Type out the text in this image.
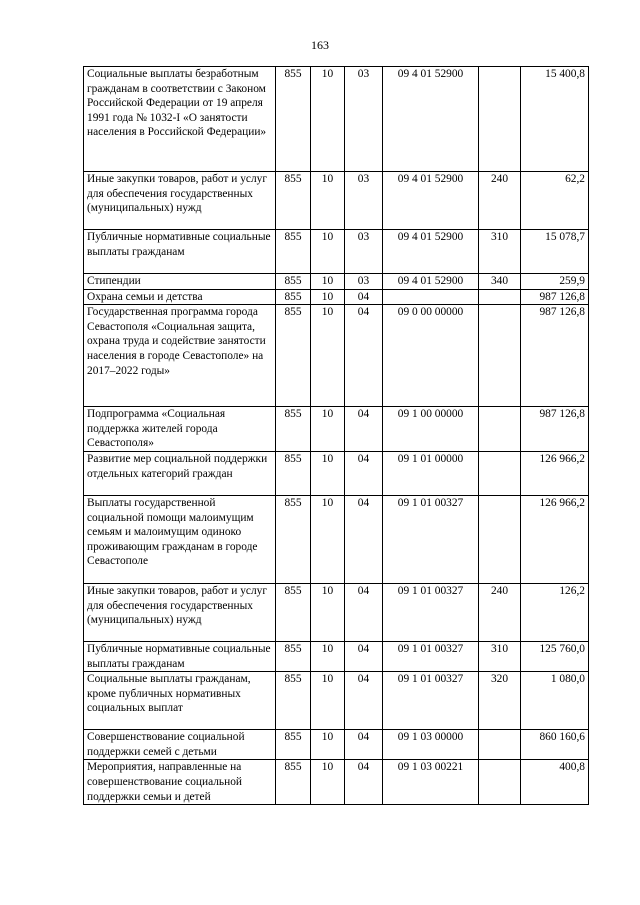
163
Социальные выплаты безработным гражданам в соответствии с Законом Российской Федерации от 19 апреля 1991 года № 1032-I «О занятости населения в Российской Федерации»	855	10	03	09 4 01 52900		15 400,8
Иные закупки товаров, работ и услуг для обеспечения государственных (муниципальных) нужд	855	10	03	09 4 01 52900	240	62,2
Публичные нормативные социальные выплаты гражданам	855	10	03	09 4 01 52900	310	15 078,7
Стипендии	855	10	03	09 4 01 52900	340	259,9
Охрана семьи и детства	855	10	04			987 126,8
Государственная программа города Севастополя «Социальная защита, охрана труда и содействие занятости населения в городе Севастополе» на 2017–2022 годы»	855	10	04	09 0 00 00000		987 126,8
Подпрограмма «Социальная поддержка жителей города Севастополя»	855	10	04	09 1 00 00000		987 126,8
Развитие мер социальной поддержки отдельных категорий граждан	855	10	04	09 1 01 00000		126 966,2
Выплаты государственной социальной помощи малоимущим семьям и малоимущим одиноко проживающим гражданам в городе Севастополе	855	10	04	09 1 01 00327		126 966,2
Иные закупки товаров, работ и услуг для обеспечения государственных (муниципальных) нужд	855	10	04	09 1 01 00327	240	126,2
Публичные нормативные социальные выплаты гражданам	855	10	04	09 1 01 00327	310	125 760,0
Социальные выплаты гражданам, кроме публичных нормативных социальных выплат	855	10	04	09 1 01 00327	320	1 080,0
Совершенствование социальной поддержки семей с детьми	855	10	04	09 1 03 00000		860 160,6
Мероприятия, направленные на совершенствование социальной поддержки семьи и детей	855	10	04	09 1 03 00221		400,8
